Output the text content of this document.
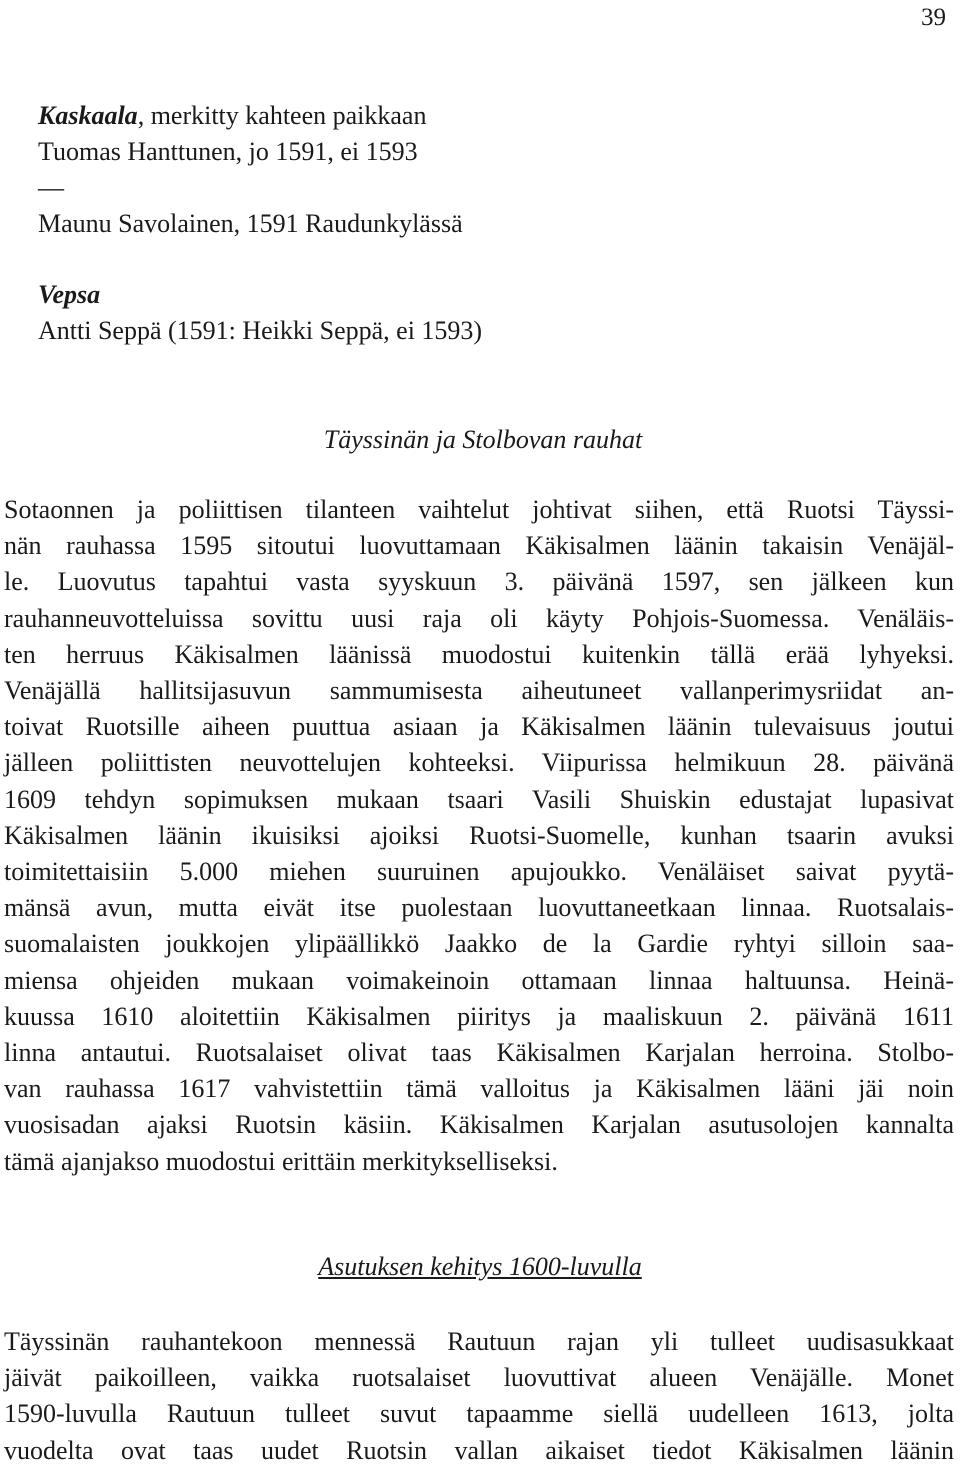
39
Kaskaala, merkitty kahteen paikkaan
Tuomas Hanttunen, jo 1591, ei 1593
—
Maunu Savolainen, 1591 Raudunkylässä
Vepsa
Antti Seppä (1591: Heikki Seppä, ei 1593)
Täyssinän ja Stolbovan rauhat
Sotaonnen ja poliittisen tilanteen vaihtelut johtivat siihen, että Ruotsi Täyssi-
nän rauhassa 1595 sitoutui luovuttamaan Käkisalmen läänin takaisin Venäjäl-
le. Luovutus tapahtui vasta syyskuun 3. päivänä 1597, sen jälkeen kun
rauhanneuvotteluissa sovittu uusi raja oli käyty Pohjois-Suomessa. Venäläis-
ten herruus Käkisalmen läänissä muodostui kuitenkin tällä erää lyhyeksi.
Venäjällä hallitsijasuvun sammumisesta aiheutuneet vallanperimysriidat an-
toivat Ruotsille aiheen puuttua asiaan ja Käkisalmen läänin tulevaisuus joutui
jälleen poliittisten neuvottelujen kohteeksi. Viipurissa helmikuun 28. päivänä
1609 tehdyn sopimuksen mukaan tsaari Vasili Shuiskin edustajat lupasivat
Käkisalmen läänin ikuisiksi ajoiksi Ruotsi-Suomelle, kunhan tsaarin avuksi
toimitettaisiin 5.000 miehen suuruinen apujoukko. Venäläiset saivat pyytä-
mänsä avun, mutta eivät itse puolestaan luovuttaneetkaan linnaa. Ruotsalais-
suomalaisten joukkojen ylipäällikkö Jaakko de la Gardie ryhtyi silloin saa-
miensa ohjeiden mukaan voimakeinoin ottamaan linnaa haltuunsa. Heinä-
kuussa 1610 aloitettiin Käkisalmen piiritys ja maaliskuun 2. päivänä 1611
linna antautui. Ruotsalaiset olivat taas Käkisalmen Karjalan herroina. Stolbo-
van rauhassa 1617 vahvistettiin tämä valloitus ja Käkisalmen lääni jäi noin
vuosisadan ajaksi Ruotsin käsiin. Käkisalmen Karjalan asutusolojen kannalta
tämä ajanjakso muodostui erittäin merkitykselliseksi.
Asutuksen kehitys 1600-luvulla
Täyssinän rauhantekoon mennessä Rautuun rajan yli tulleet uudisasukkaat
jäivät paikoilleen, vaikka ruotsalaiset luovuttivat alueen Venäjälle. Monet
1590-luvulla Rautuun tulleet suvut tapaamme siellä uudelleen 1613, jolta
vuodelta ovat taas uudet Ruotsin vallan aikaiset tiedot Käkisalmen läänin
